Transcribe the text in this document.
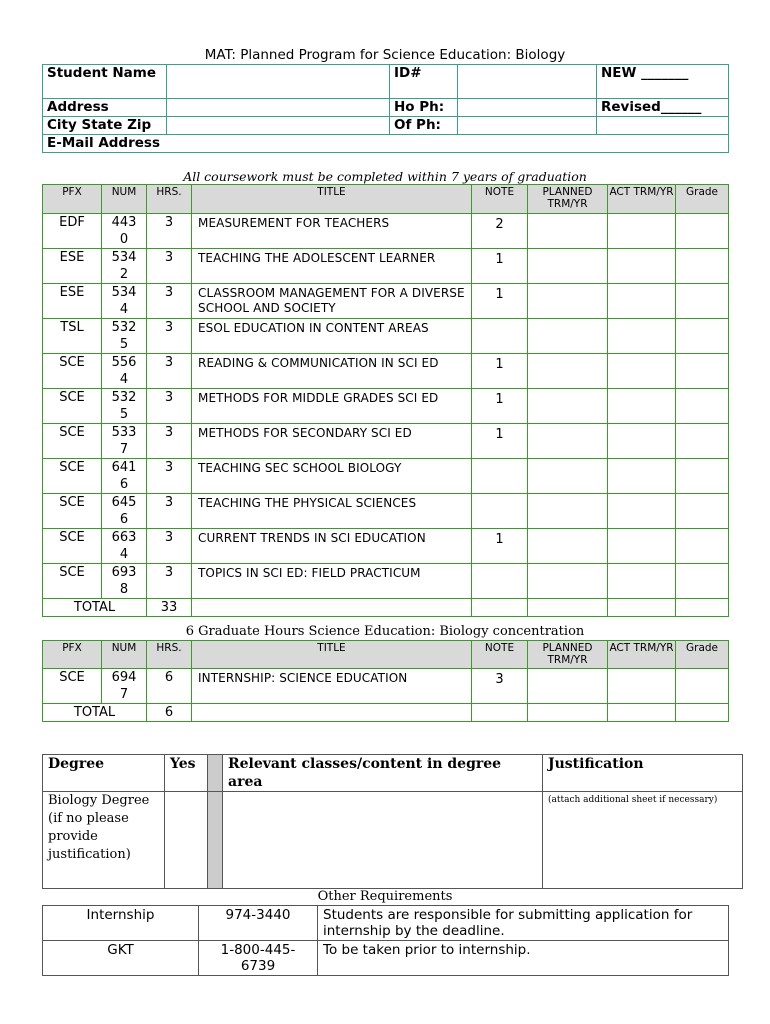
MAT: Planned Program for Science Education: Biology
Student Name		ID#		NEW _______
Address		Ho Ph:		Revised______
City State Zip		Of Ph:		
E-Mail Address				
All coursework must be completed within 7 years of graduation
PFX	NUM	HRS.	TITLE	NOTE	PLANNED TRM/YR	ACT TRM/YR	Grade
EDF	4430	3	MEASUREMENT FOR TEACHERS	2			
ESE	5342	3	TEACHING THE ADOLESCENT LEARNER	1			
ESE	5344	3	CLASSROOM MANAGEMENT FOR A DIVERSE SCHOOL AND SOCIETY	1			
TSL	5325	3	ESOL EDUCATION IN CONTENT AREAS				
SCE	5564	3	READING & COMMUNICATION IN SCI ED	1			
SCE	5325	3	METHODS FOR MIDDLE GRADES SCI ED	1			
SCE	5337	3	METHODS FOR SECONDARY SCI ED	1			
SCE	6416	3	TEACHING SEC SCHOOL BIOLOGY				
SCE	6456	3	TEACHING THE PHYSICAL SCIENCES				
SCE	6634	3	CURRENT TRENDS IN SCI EDUCATION	1			
SCE	6938	3	TOPICS IN SCI ED: FIELD PRACTICUM				
TOTAL		33					
6 Graduate Hours Science Education: Biology concentration
PFX	NUM	HRS.	TITLE	NOTE	PLANNED TRM/YR	ACT TRM/YR	Grade
SCE	6947	6	INTERNSHIP: SCIENCE EDUCATION	3			
TOTAL		6					
Degree	Yes		Relevant classes/content in degree area	Justification
Biology Degree (if no please provide justification)				(attach additional sheet if necessary)
Other Requirements
Internship	974-3440	Students are responsible for submitting application for internship by the deadline.
GKT	1-800-445-6739	To be taken prior to internship.
